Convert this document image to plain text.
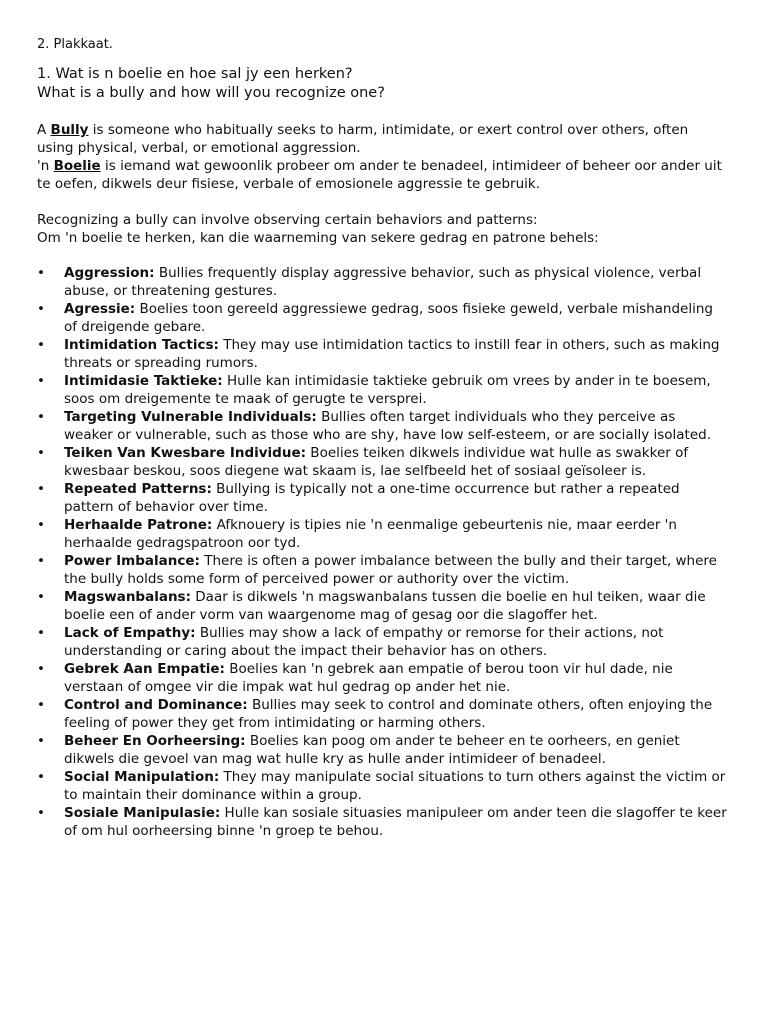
2. Plakkaat.

1. Wat is n boelie en hoe sal jy een herken?

What is a bully and how will you recognize one?

A Bully is someone who habitually seeks to harm, intimidate, or exert control over others, often using physical, verbal, or emotional aggression.

'n Boelie is iemand wat gewoonlik probeer om ander te benadeel, intimideer of beheer oor ander uit te oefen, dikwels deur fisiese, verbale of emosionele aggressie te gebruik.

Recognizing a bully can involve observing certain behaviors and patterns:

Om 'n boelie te herken, kan die waarneming van sekere gedrag en patrone behels:

• Aggression: Bullies frequently display aggressive behavior, such as physical violence, verbal abuse, or threatening gestures.
• Agressie: Boelies toon gereeld aggressiewe gedrag, soos fisieke geweld, verbale mishandeling of dreigende gebare.
• Intimidation Tactics: They may use intimidation tactics to instill fear in others, such as making threats or spreading rumors.
• Intimidasie Taktieke: Hulle kan intimidasie taktieke gebruik om vrees by ander in te boesem, soos om dreigemente te maak of gerugte te versprei.
• Targeting Vulnerable Individuals: Bullies often target individuals who they perceive as weaker or vulnerable, such as those who are shy, have low self-esteem, or are socially isolated.
• Teiken Van Kwesbare Individue: Boelies teiken dikwels individue wat hulle as swakker of kwesbaar beskou, soos diegene wat skaam is, lae selfbeeld het of sosiaal geïsoleer is.
• Repeated Patterns: Bullying is typically not a one-time occurrence but rather a repeated pattern of behavior over time.
• Herhaalde Patrone: Afknouery is tipies nie 'n eenmalige gebeurtenis nie, maar eerder 'n herhaalde gedragspatroon oor tyd.
• Power Imbalance: There is often a power imbalance between the bully and their target, where the bully holds some form of perceived power or authority over the victim.
• Magswanbalans: Daar is dikwels 'n magswanbalans tussen die boelie en hul teiken, waar die boelie een of ander vorm van waargenome mag of gesag oor die slagoffer het.
• Lack of Empathy: Bullies may show a lack of empathy or remorse for their actions, not understanding or caring about the impact their behavior has on others.
• Gebrek Aan Empatie: Boelies kan 'n gebrek aan empatie of berou toon vir hul dade, nie verstaan of omgee vir die impak wat hul gedrag op ander het nie.
• Control and Dominance: Bullies may seek to control and dominate others, often enjoying the feeling of power they get from intimidating or harming others.
• Beheer En Oorheersing: Boelies kan poog om ander te beheer en te oorheers, en geniet dikwels die gevoel van mag wat hulle kry as hulle ander intimideer of benadeel.
• Social Manipulation: They may manipulate social situations to turn others against the victim or to maintain their dominance within a group.
• Sosiale Manipulasie: Hulle kan sosiale situasies manipuleer om ander teen die slagoffer te keer of om hul oorheersing binne 'n groep te behou.
